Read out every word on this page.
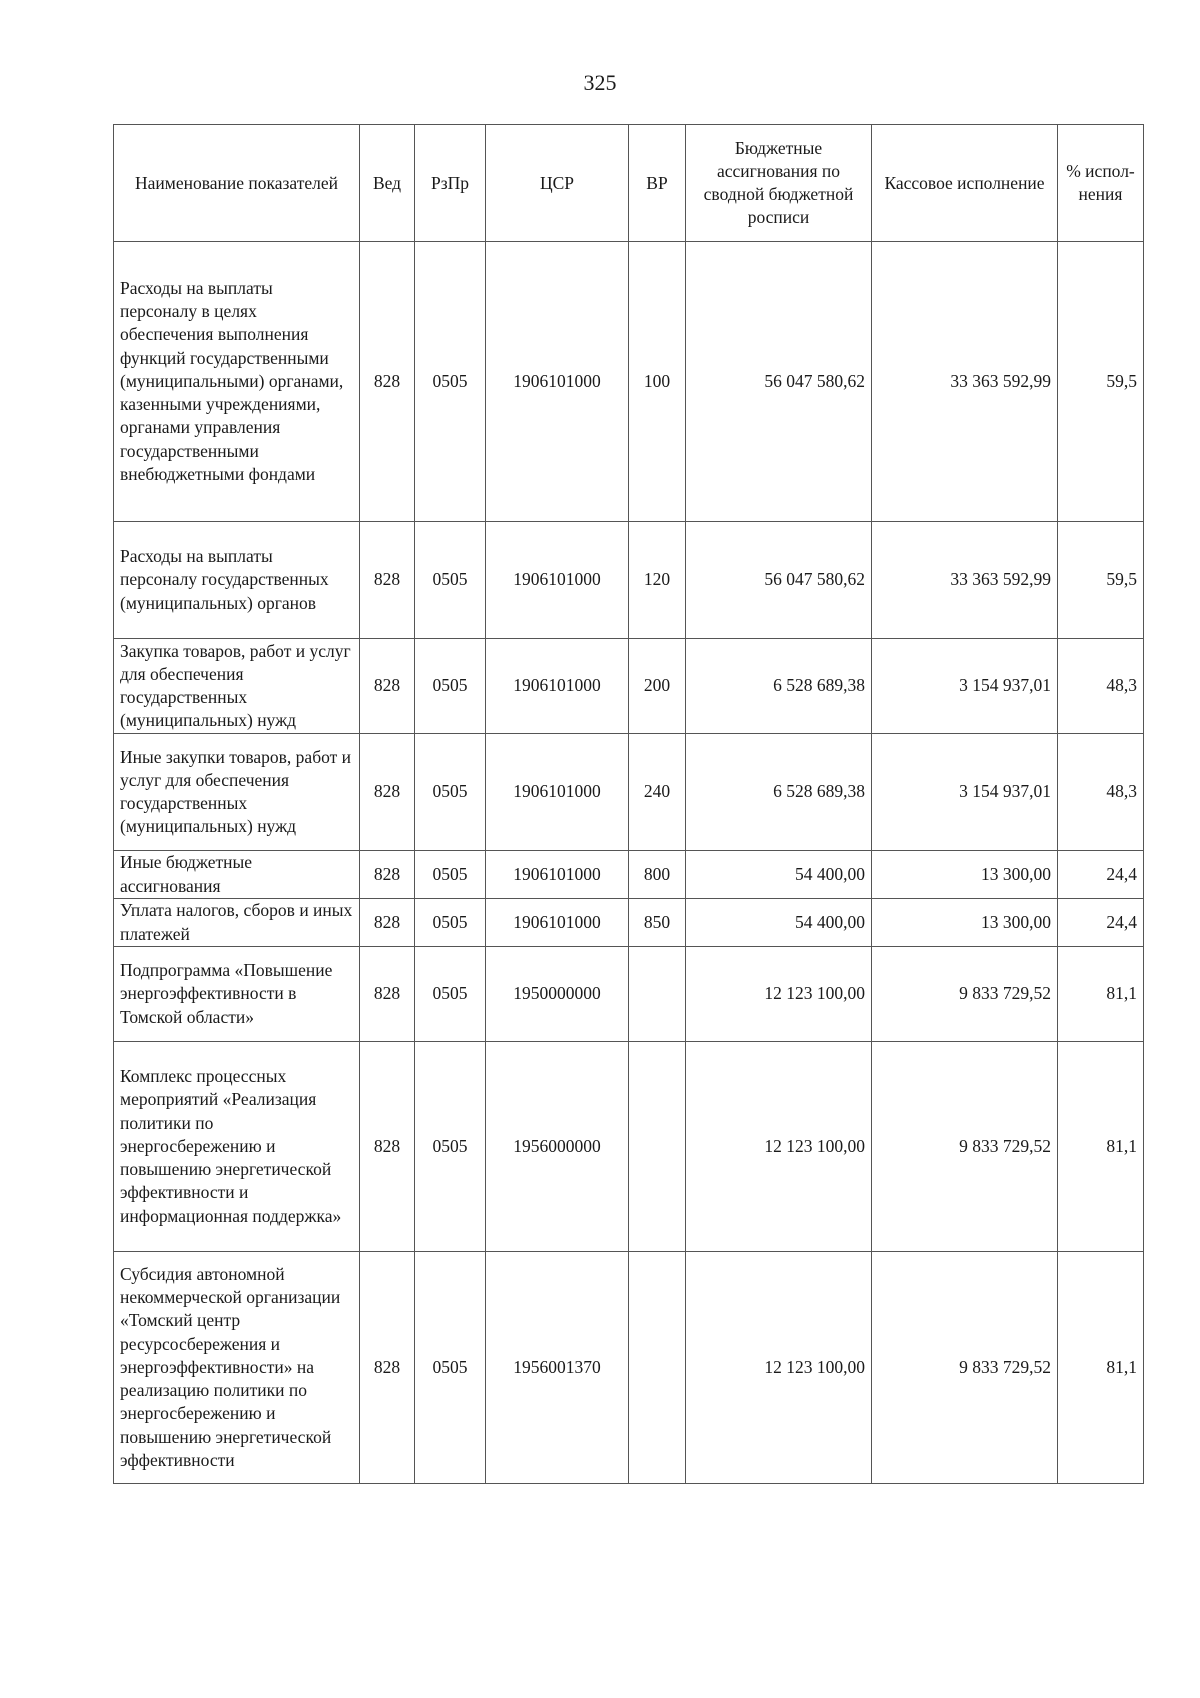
325
Наименование показателей	Вед	РзПр	ЦСР	ВР	Бюджетные ассигнования по сводной бюджетной росписи	Кассовое исполнение	% испол-нения
Расходы на выплаты персоналу в целях обеспечения выполнения функций государственными (муниципальными) органами, казенными учреждениями, органами управления государственными внебюджетными фондами	828	0505	1906101000	100	56 047 580,62	33 363 592,99	59,5
Расходы на выплаты персоналу государственных (муниципальных) органов	828	0505	1906101000	120	56 047 580,62	33 363 592,99	59,5
Закупка товаров, работ и услуг для обеспечения государственных (муниципальных) нужд	828	0505	1906101000	200	6 528 689,38	3 154 937,01	48,3
Иные закупки товаров, работ и услуг для обеспечения государственных (муниципальных) нужд	828	0505	1906101000	240	6 528 689,38	3 154 937,01	48,3
Иные бюджетные ассигнования	828	0505	1906101000	800	54 400,00	13 300,00	24,4
Уплата налогов, сборов и иных платежей	828	0505	1906101000	850	54 400,00	13 300,00	24,4
Подпрограмма «Повышение энергоэффективности в Томской области»	828	0505	1950000000		12 123 100,00	9 833 729,52	81,1
Комплекс процессных мероприятий «Реализация политики по энергосбережению и повышению энергетической эффективности и информационная поддержка»	828	0505	1956000000		12 123 100,00	9 833 729,52	81,1
Субсидия автономной некоммерческой организации «Томский центр ресурсосбережения и энергоэффективности» на реализацию политики по энергосбережению и повышению энергетической эффективности	828	0505	1956001370		12 123 100,00	9 833 729,52	81,1
